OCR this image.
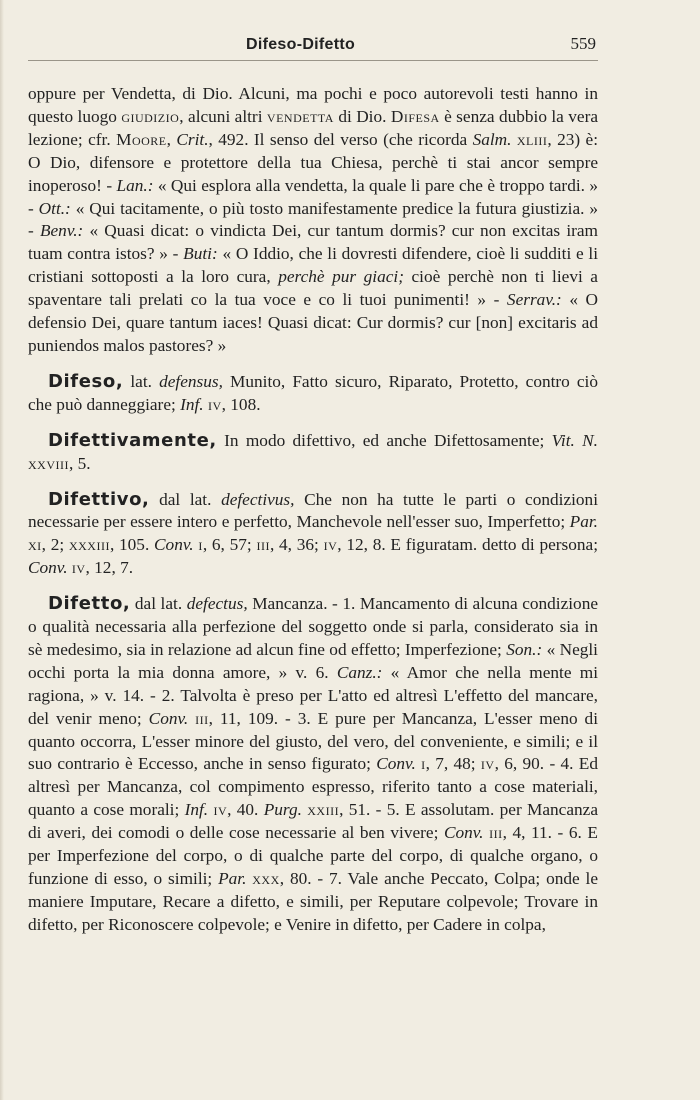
Difeso-Difetto	559

oppure per Vendetta, di Dio. Alcuni, ma pochi e poco autorevoli testi hanno in questo luogo giudizio, alcuni altri vendetta di Dio. Difesa è senza dubbio la vera lezione; cfr. Moore, Crit., 492. Il senso del verso (che ricorda Salm. xliii, 23) è: O Dio, difensore e protettore della tua Chiesa, perchè ti stai ancor sempre inoperoso! - Lan.: « Qui esplora alla vendetta, la quale li pare che è troppo tardi. » - Ott.: « Qui tacitamente, o più tosto manifestamente predice la futura giustizia. » - Benv.: « Quasi dicat: o vindicta Dei, cur tantum dormis? cur non excitas iram tuam contra istos? » - Buti: « O Iddio, che li dovresti difendere, cioè li sudditi e li cristiani sottoposti a la loro cura, perchè pur giaci; cioè perchè non ti lievi a spaventare tali prelati co la tua voce e co li tuoi punimenti! » - Serrav.: « O defensio Dei, quare tantum iaces! Quasi dicat: Cur dormis? cur [non] excitaris ad puniendos malos pastores? »

Difeso, lat. defensus, Munito, Fatto sicuro, Riparato, Protetto, contro ciò che può danneggiare; Inf. iv, 108.

Difettivamente, In modo difettivo, ed anche Difettosamente; Vit. N. xxviii, 5.

Difettivo, dal lat. defectivus, Che non ha tutte le parti o condizioni necessarie per essere intero e perfetto, Manchevole nell'esser suo, Imperfetto; Par. xi, 2; xxxiii, 105. Conv. i, 6, 57; iii, 4, 36; iv, 12, 8. E figuratam. detto di persona; Conv. iv, 12, 7.

Difetto, dal lat. defectus, Mancanza. - 1. Mancamento di alcuna condizione o qualità necessaria alla perfezione del soggetto onde si parla, considerato sia in sè medesimo, sia in relazione ad alcun fine od effetto; Imperfezione; Son.: « Negli occhi porta la mia donna amore, » v. 6. Canz.: « Amor che nella mente mi ragiona, » v. 14. - 2. Talvolta è preso per L'atto ed altresì L'effetto del mancare, del venir meno; Conv. iii, 11, 109. - 3. E pure per Mancanza, L'esser meno di quanto occorra, L'esser minore del giusto, del vero, del conveniente, e simili; e il suo contrario è Eccesso, anche in senso figurato; Conv. i, 7, 48; iv, 6, 90. - 4. Ed altresì per Mancanza, col compimento espresso, riferito tanto a cose materiali, quanto a cose morali; Inf. iv, 40. Purg. xxiii, 51. - 5. E assolutam. per Mancanza di averi, dei comodi o delle cose necessarie al ben vivere; Conv. iii, 4, 11. - 6. E per Imperfezione del corpo, o di qualche parte del corpo, di qualche organo, o funzione di esso, o simili; Par. xxx, 80. - 7. Vale anche Peccato, Colpa; onde le maniere Imputare, Recare a difetto, e simili, per Reputare colpevole; Trovare in difetto, per Riconoscere colpevole; e Venire in difetto, per Cadere in colpa,
